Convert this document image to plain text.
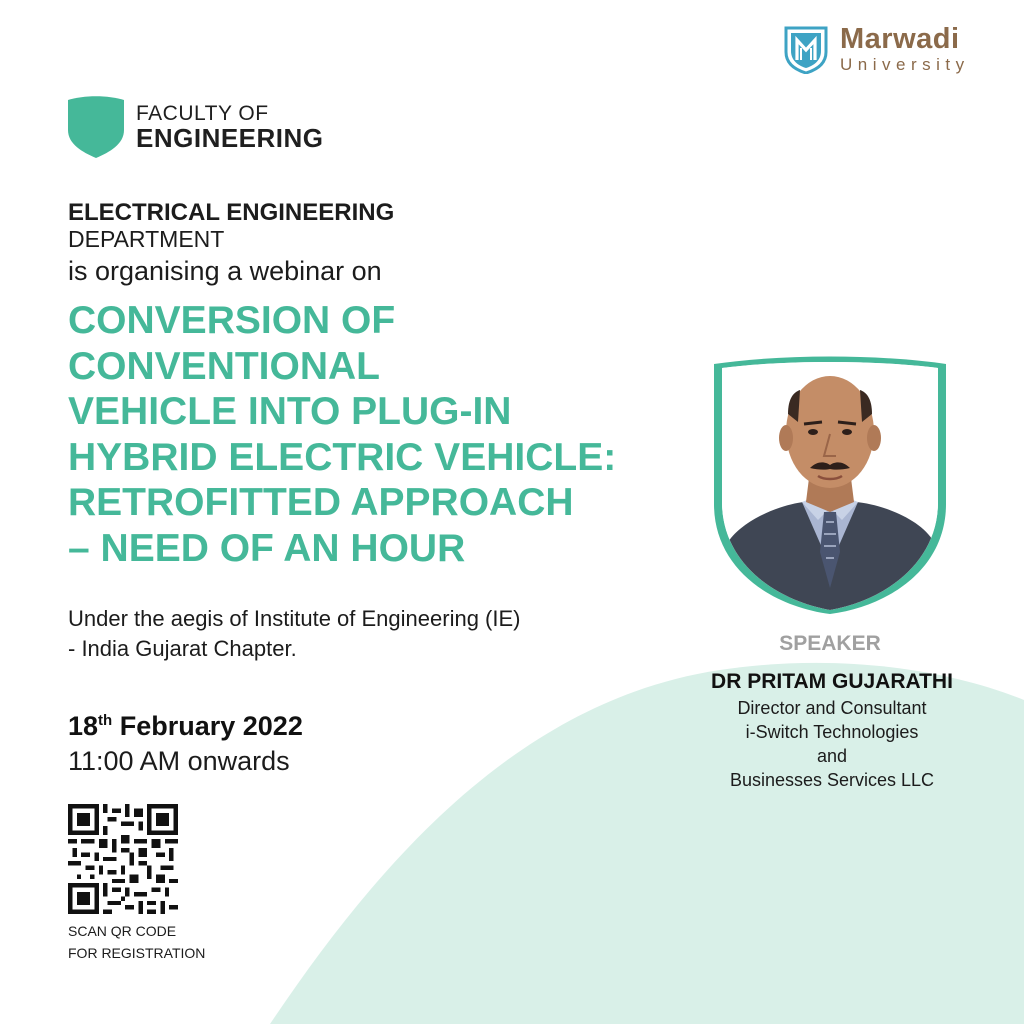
Marwadi
University
FACULTY OF
ENGINEERING
ELECTRICAL ENGINEERING
DEPARTMENT
is organising a webinar on
CONVERSION OF
CONVENTIONAL
VEHICLE INTO PLUG-IN
HYBRID ELECTRIC VEHICLE:
RETROFITTED APPROACH
– NEED OF AN HOUR
Under the aegis of Institute of Engineering (IE)
- India Gujarat Chapter.
18th February 2022
11:00 AM onwards
SCAN QR CODE
FOR REGISTRATION
SPEAKER
DR PRITAM GUJARATHI
Director and Consultant
i-Switch Technologies
and
Businesses Services LLC
